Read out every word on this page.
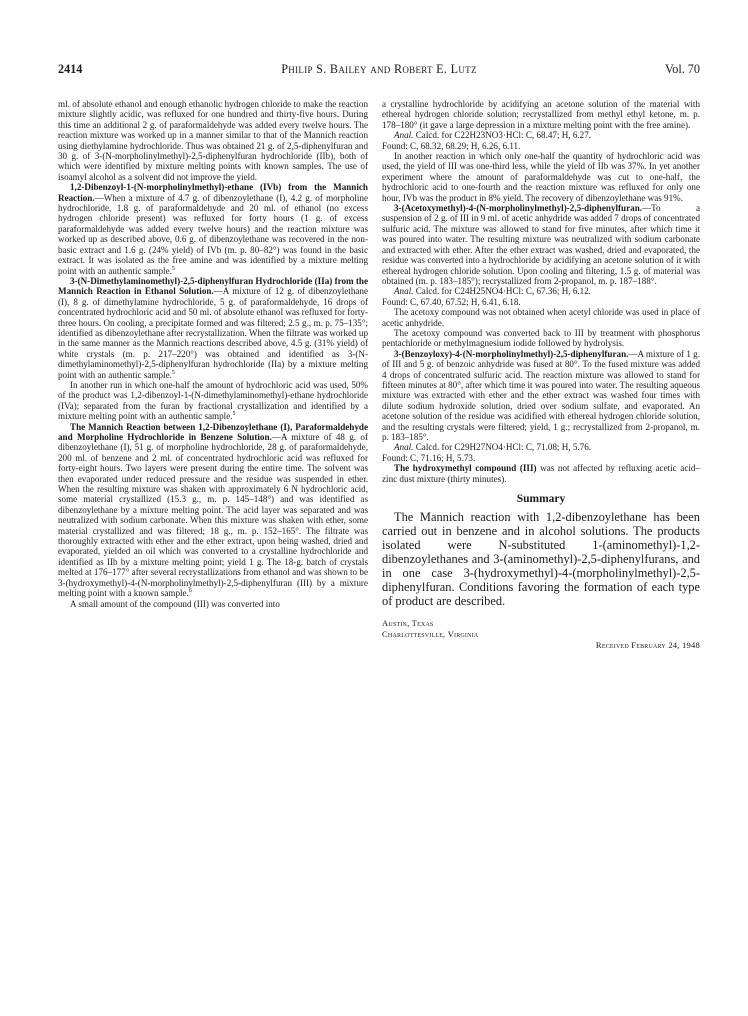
2414	Philip S. Bailey and Robert E. Lutz	Vol. 70

ml. of absolute ethanol and enough ethanolic hydrogen chloride to make the reaction mixture slightly acidic, was refluxed for one hundred and thirty-five hours. During this time an additional 2 g. of paraformaldehyde was added every twelve hours. The reaction mixture was worked up in a manner similar to that of the Mannich reaction using diethylamine hydrochloride. Thus was obtained 21 g. of 2,5-diphenylfuran and 30 g. of 3-(N-morpholinylmethyl)-2,5-diphenylfuran hydrochloride (IIb), both of which were identified by mixture melting points with known samples. The use of isoamyl alcohol as a solvent did not improve the yield.

1,2-Dibenzoyl-1-(N-morpholinylmethyl)-ethane (IVb) from the Mannich Reaction.—When a mixture of 4.7 g. of dibenzoylethane (I), 4.2 g. of morpholine hydrochloride, 1.8 g. of paraformaldehyde and 20 ml. of ethanol (no excess hydrogen chloride present) was refluxed for forty hours (1 g. of excess paraformaldehyde was added every twelve hours) and the reaction mixture was worked up as described above, 0.6 g. of dibenzoylethane was recovered in the non-basic extract and 1.6 g. (24% yield) of IVb (m. p. 80–82°) was found in the basic extract. It was isolated as the free amine and was identified by a mixture melting point with an authentic sample.$^5$

3-(N-Dimethylaminomethyl)-2,5-diphenylfuran Hydrochloride (IIa) from the Mannich Reaction in Ethanol Solution.—A mixture of 12 g. of dibenzoylethane (I), 8 g. of dimethylamine hydrochloride, 5 g. of paraformaldehyde, 16 drops of concentrated hydrochloric acid and 50 ml. of absolute ethanol was refluxed for forty-three hours. On cooling, a precipitate formed and was filtered; 2.5 g., m. p. 75–135°; identified as dibenzoylethane after recrystallization. When the filtrate was worked up in the same manner as the Mannich reactions described above, 4.5 g. (31% yield) of white crystals (m. p. 217–220°) was obtained and identified as 3-(N-dimethylaminomethyl)-2,5-diphenylfuran hydrochloride (IIa) by a mixture melting point with an authentic sample.$^5$

In another run in which one-half the amount of hydrochloric acid was used, 50% of the product was 1,2-dibenzoyl-1-(N-dimethylaminomethyl)-ethane hydrochloride (IVa); separated from the furan by fractional crystallization and identified by a mixture melting point with an authentic sample.$^5$

The Mannich Reaction between 1,2-Dibenzoylethane (I), Paraformaldehyde and Morpholine Hydrochloride in Benzene Solution.—A mixture of 48 g. of dibenzoylethane (I), 51 g. of morpholine hydrochloride, 28 g. of paraformaldehyde, 200 ml. of benzene and 2 ml. of concentrated hydrochloric acid was refluxed for forty-eight hours. Two layers were present during the entire time. The solvent was then evaporated under reduced pressure and the residue was suspended in ether. When the resulting mixture was shaken with approximately 6 N hydrochloric acid, some material crystallized (15.3 g., m. p. 145–148°) and was identified as dibenzoylethane by a mixture melting point. The acid layer was separated and was neutralized with sodium carbonate. When this mixture was shaken with ether, some material crystallized and was filtered; 18 g., m. p. 152–165°. The filtrate was thoroughly extracted with ether and the ether extract, upon being washed, dried and evaporated, yielded an oil which was converted to a crystalline hydrochloride and identified as IIb by a mixture melting point; yield 1 g. The 18-g. batch of crystals melted at 176–177° after several recrystallizations from ethanol and was shown to be 3-(hydroxymethyl)-4-(N-morpholinylmethyl)-2,5-diphenylfuran (III) by a mixture melting point with a known sample.$^6$

A small amount of the compound (III) was converted into

a crystalline hydrochloride by acidifying an acetone solution of the material with ethereal hydrogen chloride solution; recrystallized from methyl ethyl ketone, m. p. 178–180° (it gave a large depression in a mixture melting point with the free amine).

Anal. Calcd. for C22H23NO3·HCl: C, 68.47; H, 6.27.

Found: C, 68.32, 68.29; H, 6.26, 6.11.

In another reaction in which only one-half the quantity of hydrochloric acid was used, the yield of III was one-third less, while the yield of IIb was 37%. In yet another experiment where the amount of paraformaldehyde was cut to one-half, the hydrochloric acid to one-fourth and the reaction mixture was refluxed for only one hour, IVb was the product in 8% yield. The recovery of dibenzoylethane was 91%.

3-(Acetoxymethyl)-4-(N-morpholinylmethyl)-2,5-diphenylfuran.—To a suspension of 2 g. of III in 9 ml. of acetic anhydride was added 7 drops of concentrated sulfuric acid. The mixture was allowed to stand for five minutes, after which time it was poured into water. The resulting mixture was neutralized with sodium carbonate and extracted with ether. After the ether extract was washed, dried and evaporated, the residue was converted into a hydrochloride by acidifying an acetone solution of it with ethereal hydrogen chloride solution. Upon cooling and filtering, 1.5 g. of material was obtained (m. p. 183–185°); recrystallized from 2-propanol, m. p. 187–188°.

Anal. Calcd. for C24H25NO4·HCl: C, 67.36; H, 6.12.

Found: C, 67.40, 67.52; H, 6.41, 6.18.

The acetoxy compound was not obtained when acetyl chloride was used in place of acetic anhydride.

The acetoxy compound was converted back to III by treatment with phosphorus pentachloride or methylmagnesium iodide followed by hydrolysis.

3-(Benzoyloxy)-4-(N-morpholinylmethyl)-2,5-diphenylfuran.—A mixture of 1 g. of III and 5 g. of benzoic anhydride was fused at 80°. To the fused mixture was added 4 drops of concentrated sulfuric acid. The reaction mixture was allowed to stand for fifteen minutes at 80°, after which time it was poured into water. The resulting aqueous mixture was extracted with ether and the ether extract was washed four times with dilute sodium hydroxide solution, dried over sodium sulfate, and evaporated. An acetone solution of the residue was acidified with ethereal hydrogen chloride solution, and the resulting crystals were filtered; yield, 1 g.; recrystallized from 2-propanol, m. p. 183–185°.

Anal. Calcd. for C29H27NO4·HCl: C, 71.08; H, 5.76.

Found: C, 71.16; H, 5.73.

The hydroxymethyl compound (III) was not affected by refluxing acetic acid–zinc dust mixture (thirty minutes).

Summary

The Mannich reaction with 1,2-dibenzoylethane has been carried out in benzene and in alcohol solutions. The products isolated were N-substituted 1-(aminomethyl)-1,2-dibenzoylethanes and 3-(aminomethyl)-2,5-diphenylfurans, and in one case 3-(hydroxymethyl)-4-(morpholinylmethyl)-2,5-diphenylfuran. Conditions favoring the formation of each type of product are described.

Austin, Texas
Charlottesville, Virginia
Received February 24, 1948
